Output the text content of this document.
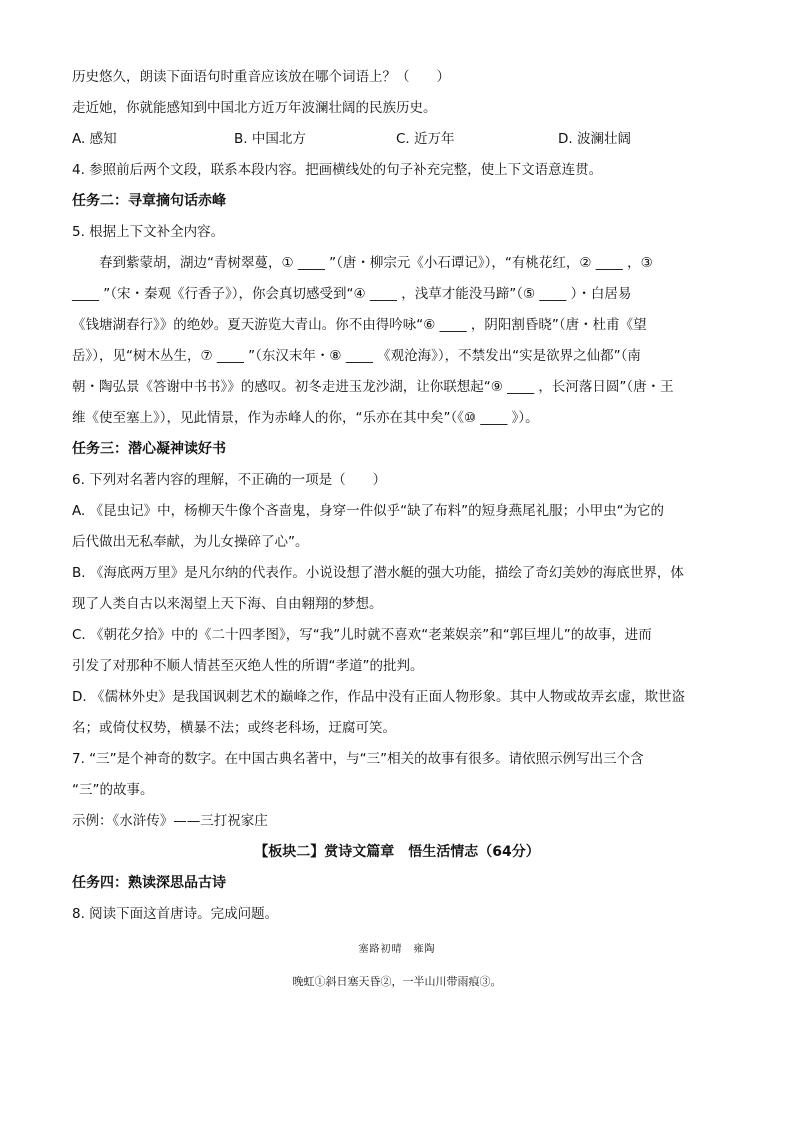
历史悠久，朗读下面语句时重音应该放在哪个词语上？（　　）
走近她，你就能感知到中国北方近万年波澜壮阔的民族历史。
A. 感知	B. 中国北方	C. 近万年	D. 波澜壮阔
4. 参照前后两个文段，联系本段内容。把画横线处的句子补充完整，使上下文语意连贯。
任务二：寻章摘句话赤峰
5. 根据上下文补全内容。
春到紫蒙胡，湖边“青树翠蔓，① ____ ”（唐・柳宗元《小石谭记》），“有桃花红，② ____ ，③
____ ”（宋・秦观《行香子》），你会真切感受到“④ ____ ，浅草才能没马蹄”（⑤ ____ ）・白居易
《钱塘湖春行》》的绝妙。夏天游览大青山。你不由得吟咏“⑥ ____ ，阴阳割昏晓”（唐・杜甫《望
岳》），见“树木丛生，⑦ ____ ”（东汉末年・⑧ ____ 《观沧海》），不禁发出“实是欲界之仙都”（南
朝・陶弘景《答谢中书书》》的感叹。初冬走进玉龙沙湖，让你联想起“⑨ ____ ，长河落日圆”（唐・王
维《使至塞上》），见此情景，作为赤峰人的你，“乐亦在其中矣”（《⑩ ____ 》）。
任务三：潜心凝神读好书
6. 下列对名著内容的理解，不正确的一项是（　　）
A. 《昆虫记》中，杨柳天牛像个吝啬鬼，身穿一件似乎“缺了布料”的短身燕尾礼服；小甲虫“为它的
后代做出无私奉献，为儿女操碎了心”。
B. 《海底两万里》是凡尔纳的代表作。小说设想了潜水艇的强大功能，描绘了奇幻美妙的海底世界，体
现了人类自古以来渴望上天下海、自由翱翔的梦想。
C. 《朝花夕拾》中的《二十四孝图》，写“我”儿时就不喜欢“老莱娱亲”和“郭巨埋儿”的故事，进而
引发了对那种不顺人情甚至灭绝人性的所谓“孝道”的批判。
D. 《儒林外史》是我国讽刺艺术的巅峰之作，作品中没有正面人物形象。其中人物或故弄玄虚，欺世盗
名；或倚仗权势，横暴不法；或终老科场，迂腐可笑。
7. “三”是个神奇的数字。在中国古典名著中，与“三”相关的故事有很多。请依照示例写出三个含
“三”的故事。
示例：《水浒传》——三打祝家庄
【板块二】赏诗文篇章　悟生活情志（64分）
任务四：熟读深思品古诗
8. 阅读下面这首唐诗。完成问题。
塞路初晴　雍陶
晚虹①斜日塞天昏②，一半山川带雨痕③。
